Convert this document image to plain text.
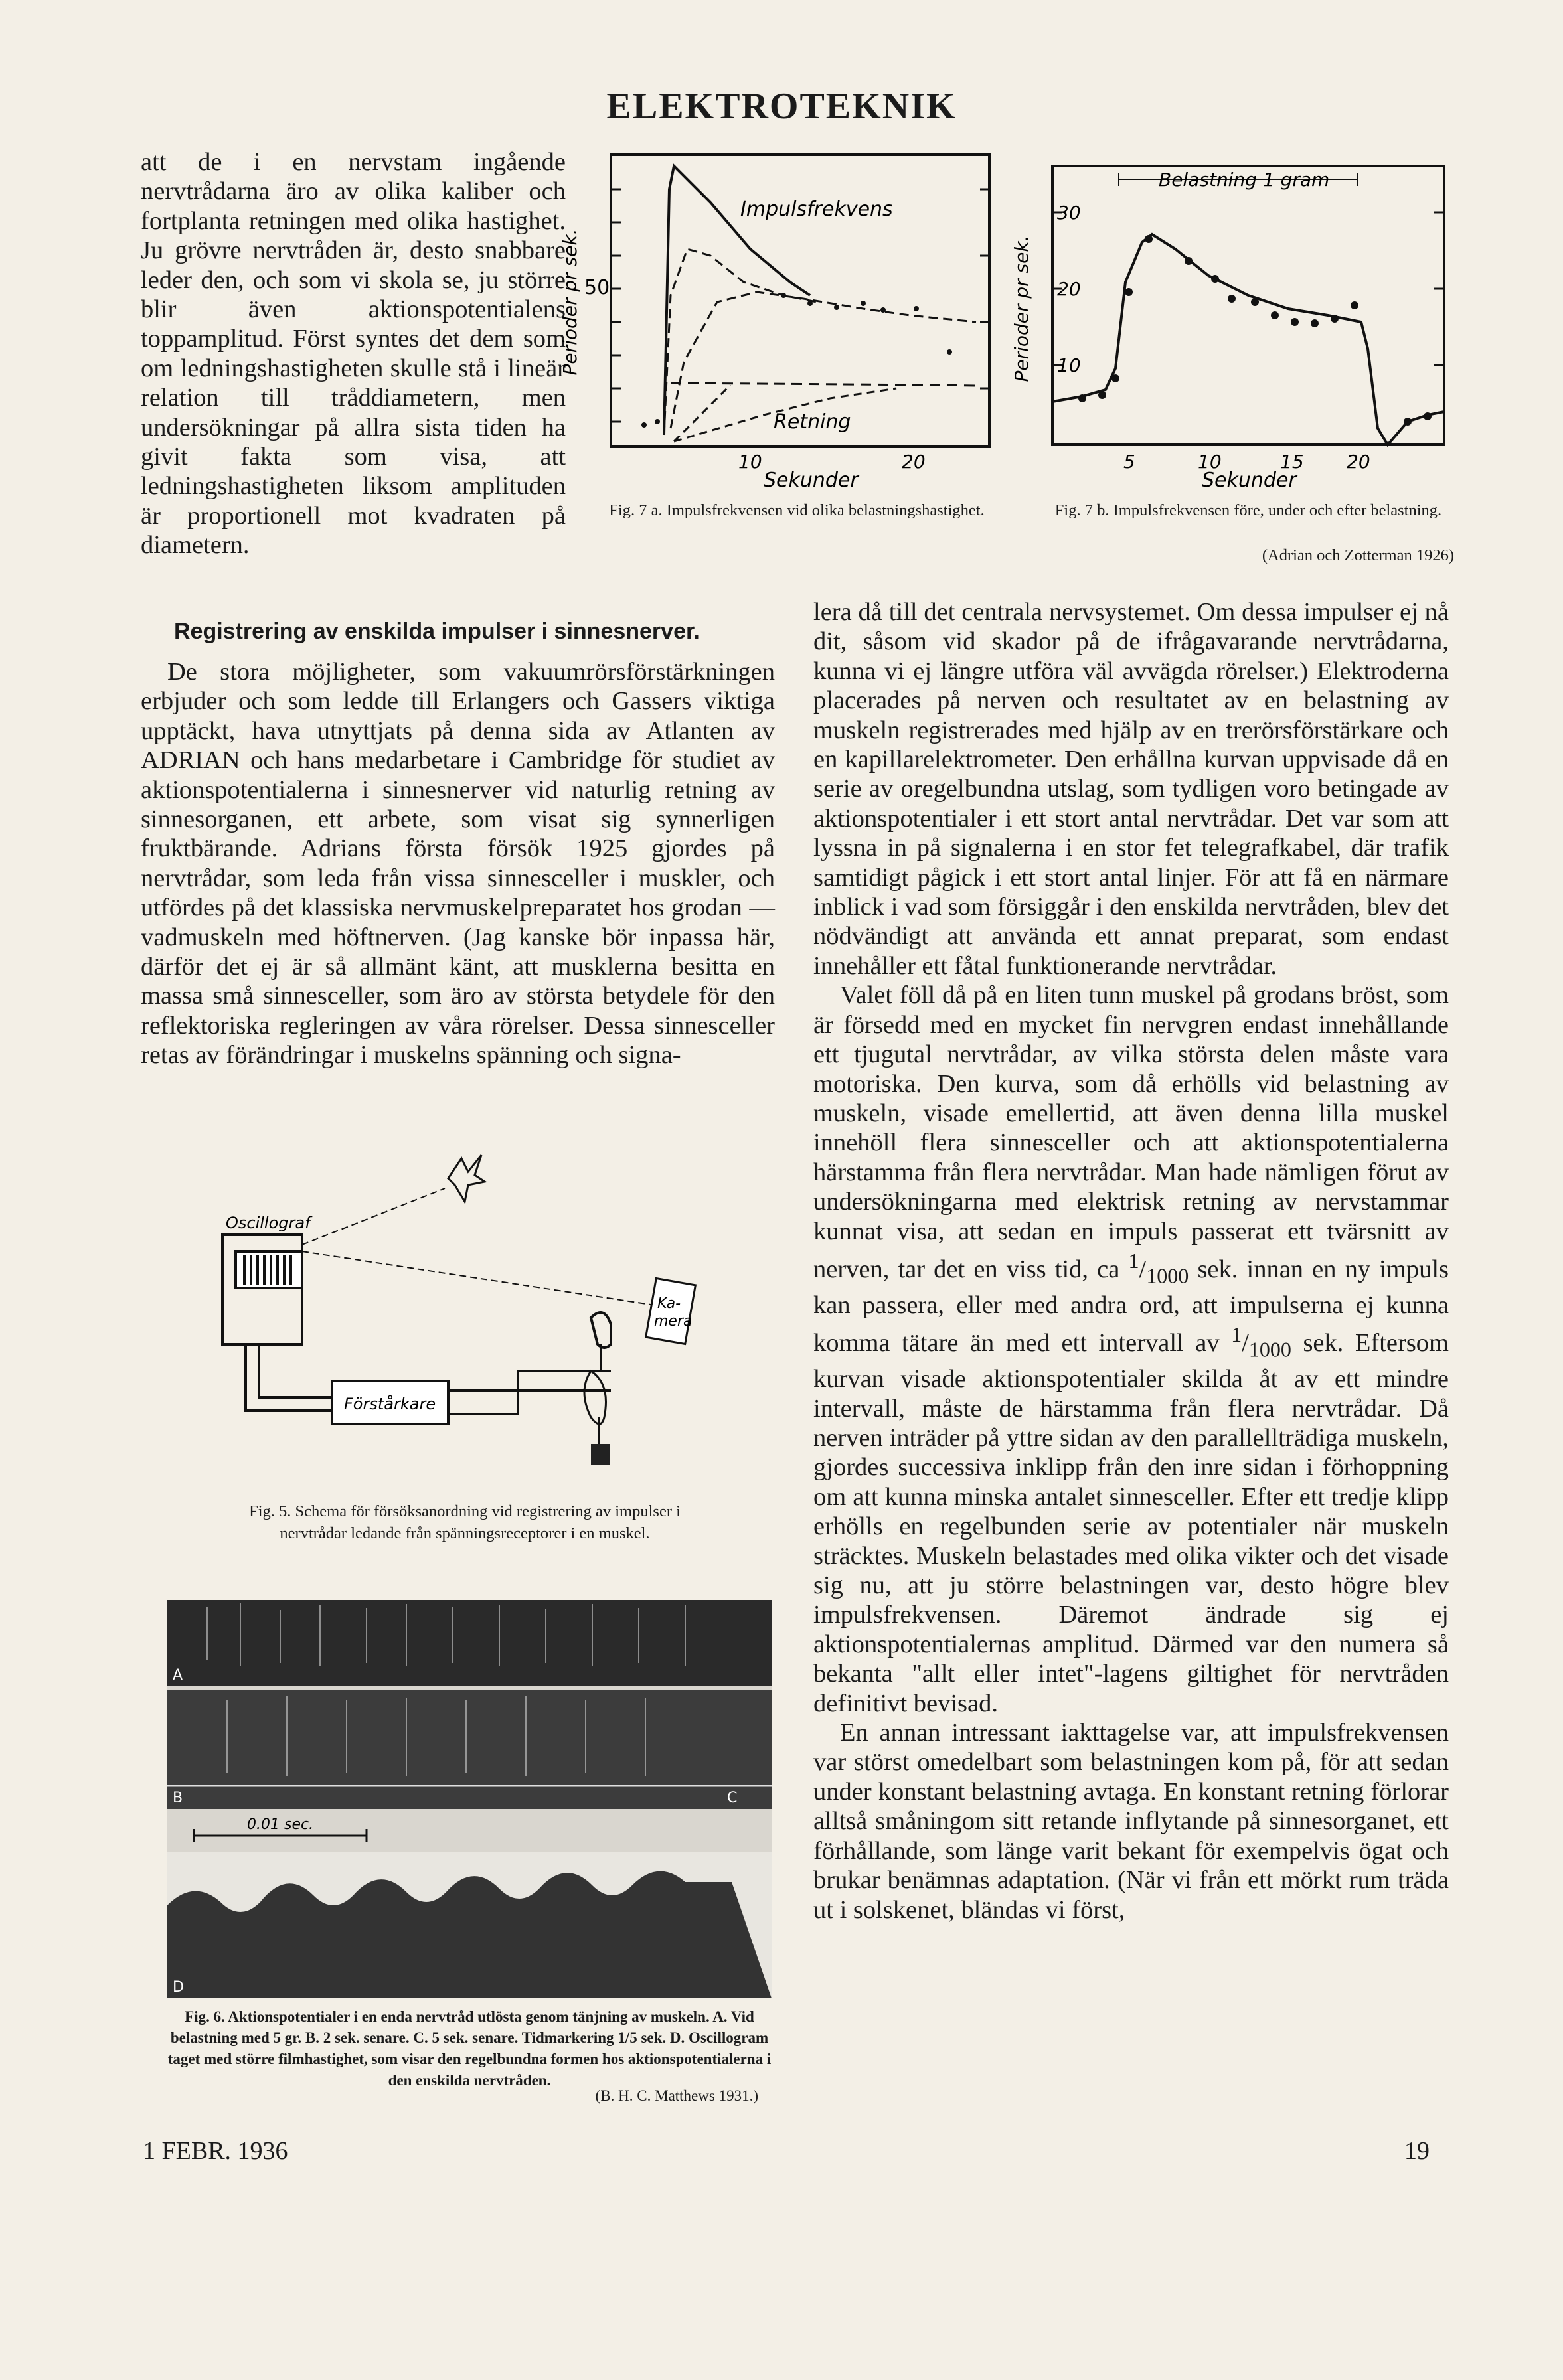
ELEKTROTEKNIK

att de i en nervstam ingående nervtrådarna äro av olika kaliber och fortplanta retningen med olika hastighet. Ju grövre nervtråden är, desto snabbare leder den, och som vi skola se, ju större blir även aktionspotentialens toppamplitud. Först syntes det dem som om ledningshastigheten skulle stå i lineär relation till tråddiametern, men undersökningar på allra sista tiden ha givit fakta som visa, att ledningshastigheten liksom amplituden är proportionell mot kvadraten på diametern.

Perioder pr sek. 50
Impulsfrekvens
Retning
10	20
Sekunder
Fig. 7 a. Impulsfrekvensen vid olika belastningshastighet.
Perioder pr sek.
30
20
10
Belastning 1 gram
5	10	15 20
Sekunder
Fig. 7 b. Impulsfrekvensen före, under och efter belastning.
(Adrian och Zotterman 1926)
Registrering av enskilda impulser i sinnesnerver.

De stora möjligheter, som vakuumrörsförstärkningen erbjuder och som ledde till Erlangers och Gassers viktiga upptäckt, hava utnyttjats på denna sida av Atlanten av ADRIAN och hans medarbetare i Cambridge för studiet av aktionspotentialerna i sinnesnerver vid naturlig retning av sinnesorganen, ett arbete, som visat sig synnerligen fruktbärande. Adrians första försök 1925 gjordes på nervtrådar, som leda från vissa sinnesceller i muskler, och utfördes på det klassiska nervmuskelpreparatet hos grodan — vadmuskeln med höftnerven. (Jag kanske bör inpassa här, därför det ej är så allmänt känt, att musklerna besitta en massa små sinnesceller, som äro av största betydele för den reflektoriska regleringen av våra rörelser. Dessa sinnesceller retas av förändringar i muskelns spänning och signa-

Oscillograf
Ka-
mera
Förstårkare
Fig. 5. Schema för försöksanordning vid registrering av impulser i nervtrådar ledande från spänningsreceptorer i en muskel.
0.01 sec.
A
B	C
D
Fig. 6. Aktionspotentialer i en enda nervtråd utlösta genom tänjning av muskeln. A. Vid belastning med 5 gr. B. 2 sek. senare. C. 5 sek. senare. Tidmarkering 1/5 sek. D. Oscillogram taget med större filmhastighet, som visar den regelbundna formen hos aktionspotentialerna i den enskilda nervtråden.
(B. H. C. Matthews 1931.)

lera då till det centrala nervsystemet. Om dessa impulser ej nå dit, såsom vid skador på de ifrågavarande nervtrådarna, kunna vi ej längre utföra väl avvägda rörelser.) Elektroderna placerades på nerven och resultatet av en belastning av muskeln registrerades med hjälp av en trerörsförstärkare och en kapillarelektrometer. Den erhållna kurvan uppvisade då en serie av oregelbundna utslag, som tydligen voro betingade av aktionspotentialer i ett stort antal nervtrådar. Det var som att lyssna in på signalerna i en stor fet telegrafkabel, där trafik samtidigt pågick i ett stort antal linjer. För att få en närmare inblick i vad som försiggår i den enskilda nervtråden, blev det nödvändigt att använda ett annat preparat, som endast innehåller ett fåtal funktionerande nervtrådar.

Valet föll då på en liten tunn muskel på grodans bröst, som är försedd med en mycket fin nervgren endast innehållande ett tjugutal nervtrådar, av vilka största delen måste vara motoriska. Den kurva, som då erhölls vid belastning av muskeln, visade emellertid, att även denna lilla muskel innehöll flera sinnesceller och att aktionspotentialerna härstamma från flera nervtrådar. Man hade nämligen förut av undersökningarna med elektrisk retning av nervstammar kunnat visa, att sedan en impuls passerat ett tvärsnitt av nerven, tar det en viss tid, ca $^1/_{1000}$ sek. innan en ny impuls kan passera, eller med andra ord, att impulserna ej kunna komma tätare än med ett intervall av $^1/_{1000}$ sek. Eftersom kurvan visade aktionspotentialer skilda åt av ett mindre intervall, måste de härstamma från flera nervtrådar. Då nerven inträder på yttre sidan av den parallellträdiga muskeln, gjordes successiva inklipp från den inre sidan i förhoppning om att kunna minska antalet sinnesceller. Efter ett tredje klipp erhölls en regelbunden serie av potentialer när muskeln sträcktes. Muskeln belastades med olika vikter och det visade sig nu, att ju större belastningen var, desto högre blev impulsfrekvensen. Däremot ändrade sig ej aktionspotentialernas amplitud. Därmed var den numera så bekanta "allt eller intet"-lagens giltighet för nervtråden definitivt bevisad.

En annan intressant iakttagelse var, att impulsfrekvensen var störst omedelbart som belastningen kom på, för att sedan under konstant belastning avtaga. En konstant retning förlorar alltså småningom sitt retande inflytande på sinnesorganet, ett förhållande, som länge varit bekant för exempelvis ögat och brukar benämnas adaptation. (När vi från ett mörkt rum träda ut i solskenet, bländas vi först,

1 FEBR. 1936	19
